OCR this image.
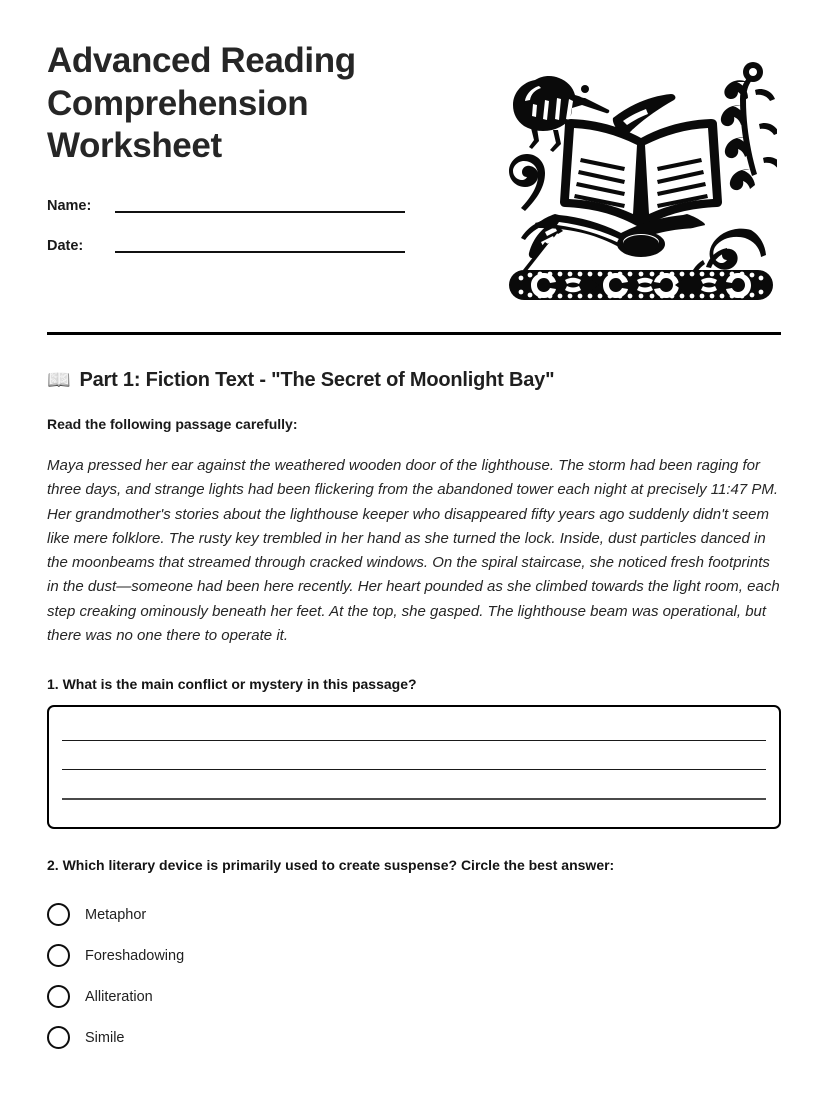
Advanced Reading Comprehension Worksheet
Name:
Date:
📖 Part 1: Fiction Text - "The Secret of Moonlight Bay"
Read the following passage carefully:
Maya pressed her ear against the weathered wooden door of the lighthouse. The storm had been raging for three days, and strange lights had been flickering from the abandoned tower each night at precisely 11:47 PM. Her grandmother's stories about the lighthouse keeper who disappeared fifty years ago suddenly didn't seem like mere folklore. The rusty key trembled in her hand as she turned the lock. Inside, dust particles danced in the moonbeams that streamed through cracked windows. On the spiral staircase, she noticed fresh footprints in the dust—someone had been here recently. Her heart pounded as she climbed towards the light room, each step creaking ominously beneath her feet. At the top, she gasped. The lighthouse beam was operational, but there was no one there to operate it.
1. What is the main conflict or mystery in this passage?
2. Which literary device is primarily used to create suspense? Circle the best answer:
Metaphor
Foreshadowing
Alliteration
Simile
